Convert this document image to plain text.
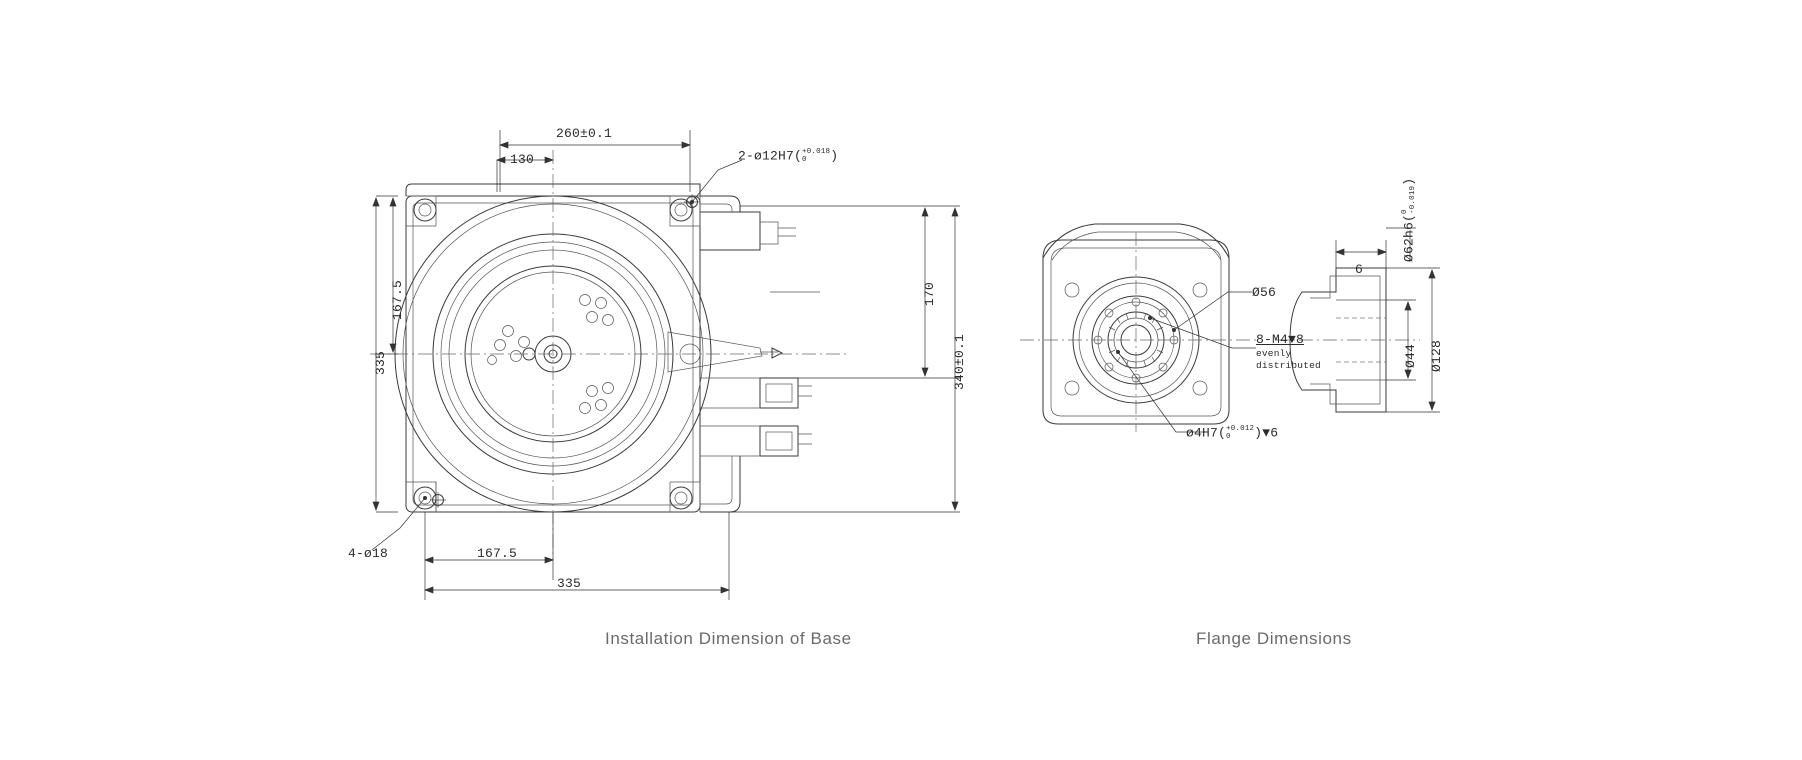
Installation Dimension of Base	Flange Dimensions
260±0.1
130
167.5
335
167.5
335
170
340±0.1
2-ø12H7( +0.018
0	)
4-ø18
Ø56
8-M4▼8
evenly
distributed
ø4H7( +0.012
0	)▼6
6
Ø44 Ø128
Ø62h6(
0 -0.019
)
